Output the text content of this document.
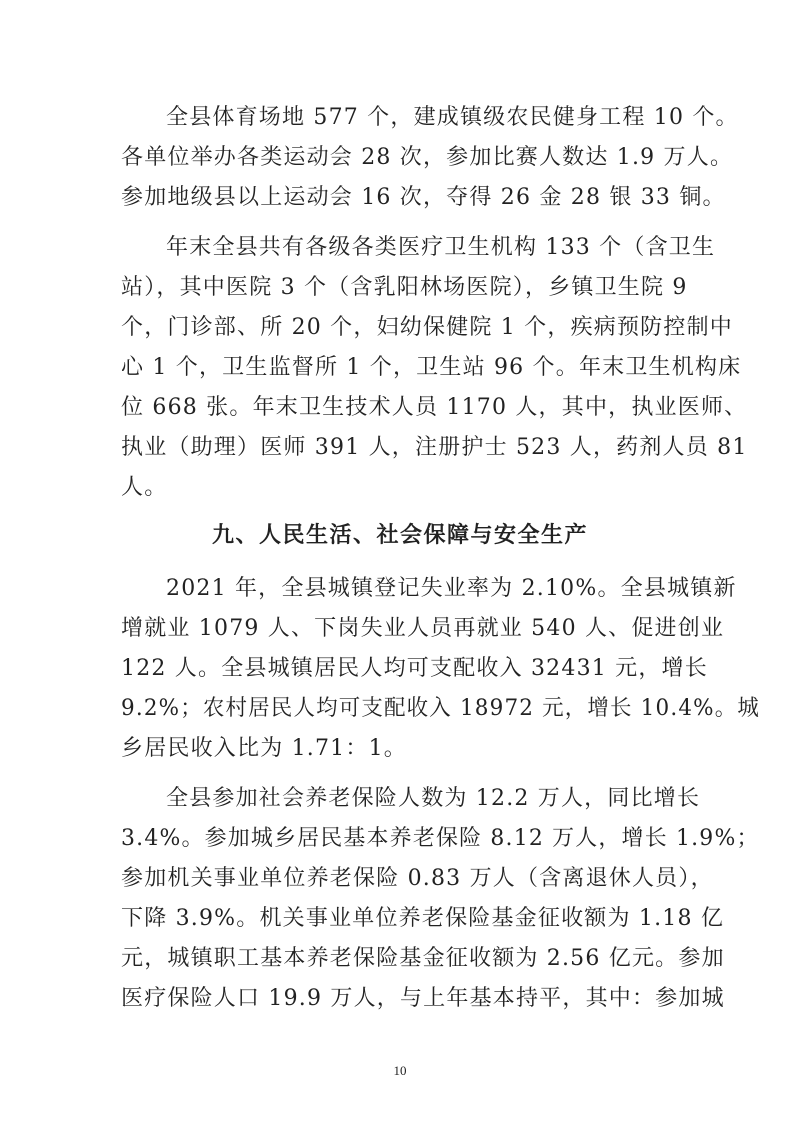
全县体育场地 577 个，建成镇级农民健身工程 10 个。
各单位举办各类运动会 28 次，参加比赛人数达 1.9 万人。
参加地级县以上运动会 16 次，夺得 26 金 28 银 33 铜。
年末全县共有各级各类医疗卫生机构 133 个（含卫生
站），其中医院 3 个（含乳阳林场医院），乡镇卫生院 9
个，门诊部、所 20 个，妇幼保健院 1 个，疾病预防控制中
心 1 个，卫生监督所 1 个，卫生站 96 个。年末卫生机构床
位 668 张。年末卫生技术人员 1170 人，其中，执业医师、
执业（助理）医师 391 人，注册护士 523 人，药剂人员 81
人。
九、人民生活、社会保障与安全生产
2021 年，全县城镇登记失业率为 2.10%。全县城镇新
增就业 1079 人、下岗失业人员再就业 540 人、促进创业
122 人。全县城镇居民人均可支配收入 32431 元，增长
9.2%；农村居民人均可支配收入 18972 元，增长 10.4%。城
乡居民收入比为 1.71：1。
全县参加社会养老保险人数为 12.2 万人，同比增长
3.4%。参加城乡居民基本养老保险 8.12 万人，增长 1.9%；
参加机关事业单位养老保险 0.83 万人（含离退休人员），
下降 3.9%。机关事业单位养老保险基金征收额为 1.18 亿
元，城镇职工基本养老保险基金征收额为 2.56 亿元。参加
医疗保险人口 19.9 万人，与上年基本持平，其中：参加城
10
